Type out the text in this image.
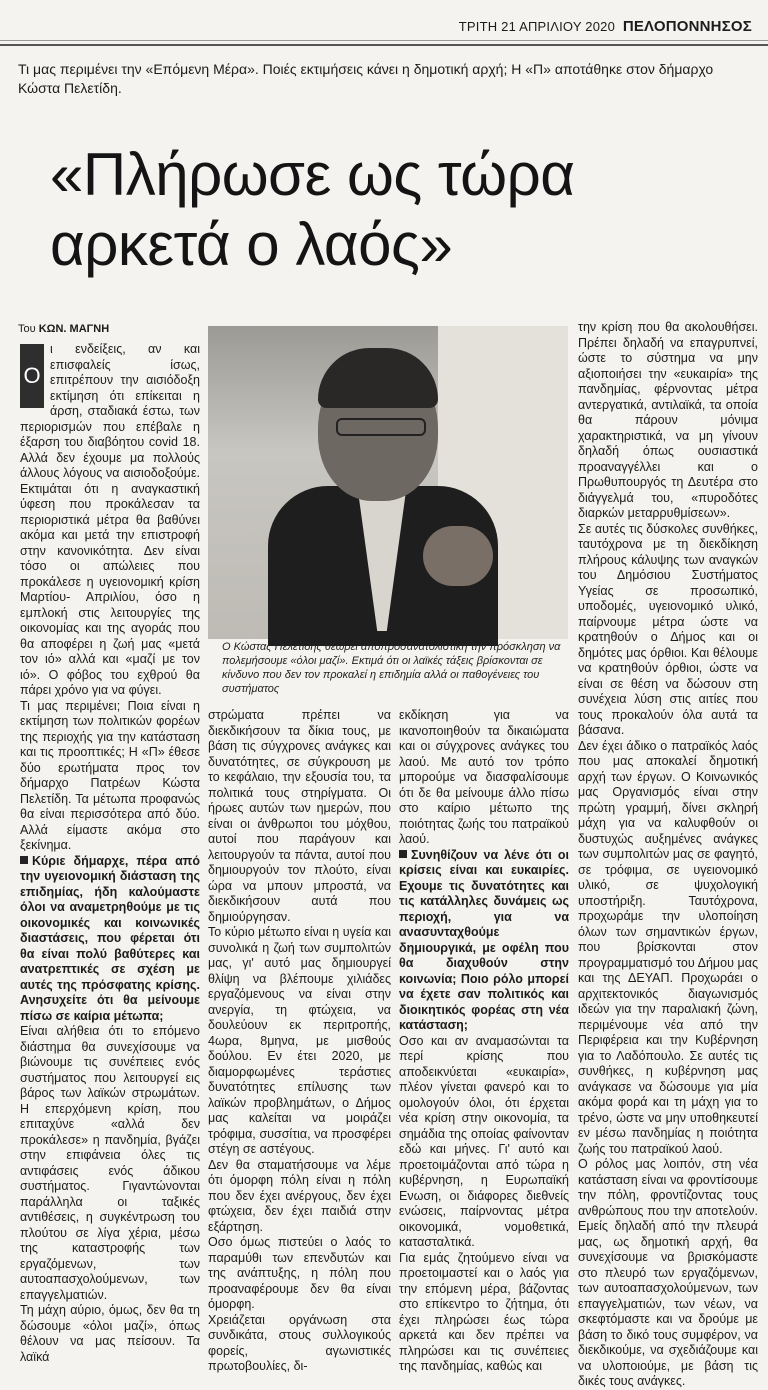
ΤΡΙΤΗ 21 ΑΠΡΙΛΙΟΥ 2020 ΠΕΛΟΠΟΝΝΗΣΟΣ
Τι μας περιμένει την «Επόμενη Μέρα». Ποιές εκτιμήσεις κάνει η δημοτική αρχή; Η «Π» αποτάθηκε στον δήμαρχο Κώστα Πελετίδη.
«Πλήρωσε ως τώρα αρκετά ο λαός»
Του ΚΩΝ. ΜΑΓΝΗ
Ο

ι ενδείξεις, αν και επισφαλείς ίσως, επιτρέπουν την αισιόδοξη εκτίμηση ότι επίκειται η άρση, σταδιακά έστω, των περιορισμών που επέβαλε η έξαρση του διαβόητου covid 18. Αλλά δεν έχουμε μα πολλούς άλλους λόγους να αισιοδοξούμε. Εκτιμάται ότι η αναγκαστική ύφεση που προκάλεσαν τα περιοριστικά μέτρα θα βαθύνει ακόμα και μετά την επιστροφή στην κανονικότητα. Δεν είναι τόσο οι απώλειες που προκάλεσε η υγειονομική κρίση Μαρτίου- Απριλίου, όσο η εμπλοκή στις λειτουργίες της οικονομίας και της αγοράς που θα αποφέρει η ζωή μας «μετά τον ιό» αλλά και «μαζί με τον ιό». Ο φόβος του εχθρού θα πάρει χρόνο για να φύγει.

Τι μας περιμένει; Ποια είναι η εκτίμηση των πολιτικών φορέων της περιοχής για την κατάσταση και τις προοπτικές; Η «Π» έθεσε δύο ερωτήματα προς τον δήμαρχο Πατρέων Κώστα Πελετίδη. Τα μέτωπα προφανώς θα είναι περισσότερα από δύο. Αλλά είμαστε ακόμα στο ξεκίνημα.

Κύριε δήμαρχε, πέρα από την υγειονομική διάσταση της επιδημίας, ήδη καλούμαστε όλοι να αναμετρηθούμε με τις οικονομικές και κοινωνικές διαστάσεις, που φέρεται ότι θα είναι πολύ βαθύτερες και ανατρεπτικές σε σχέση με αυτές της πρόσφατης κρίσης. Ανησυχείτε ότι θα μείνουμε πίσω σε καίρια μέτωπα;

Είναι αλήθεια ότι το επόμενο διάστημα θα συνεχίσουμε να βιώνουμε τις συνέπειες ενός συστήματος που λειτουργεί εις βάρος των λαϊκών στρωμάτων. Η επερχόμενη κρίση, που επιταχύνε «αλλά δεν προκάλεσε» η πανδημία, βγάζει στην επιφάνεια όλες τις αντιφάσεις ενός άδικου συστήματος. Γιγαντώνονται παράλληλα οι ταξικές αντιθέσεις, η συγκέντρωση του πλούτου σε λίγα χέρια, μέσω της καταστροφής των εργαζόμενων, των αυτοαπασχολούμενων, των επαγγελματιών.

Τη μάχη αύριο, όμως, δεν θα τη δώσουμε «όλοι μαζί», όπως θέλουν να μας πείσουν. Τα λαϊκά

Ο Κώστας Πελετίδης θεωρεί αποπροσανατολιστική την πρόσκληση να πολεμήσουμε «όλοι μαζί». Εκτιμά ότι οι λαϊκές τάξεις βρίσκονται σε κίνδυνο που δεν τον προκαλεί η επιδημία αλλά οι παθογένειες του συστήματος

στρώματα πρέπει να διεκδικήσουν τα δίκια τους, με βάση τις σύγχρονες ανάγκες και δυνατότητες, σε σύγκρουση με το κεφάλαιο, την εξουσία του, τα πολιτικά τους στηρίγματα. Οι ήρωες αυτών των ημερών, που είναι οι άνθρωποι του μόχθου, αυτοί που παράγουν και λειτουργούν τα πάντα, αυτοί που δημιουργούν τον πλούτο, είναι ώρα να μπουν μπροστά, να διεκδικήσουν αυτά που δημιούργησαν.

Το κύριο μέτωπο είναι η υγεία και συνολικά η ζωή των συμπολιτών μας, γι' αυτό μας δημιουργεί θλίψη να βλέπουμε χιλιάδες εργαζόμενους να είναι στην ανεργία, τη φτώχεια, να δουλεύουν εκ περιτροπής, 4ωρα, 8μηνα, με μισθούς δούλου. Εν έτει 2020, με διαμορφωμένες τεράστιες δυνατότητες επίλυσης των λαϊκών προβλημάτων, ο Δήμος μας καλείται να μοιράζει τρόφιμα, συσσίτια, να προσφέρει στέγη σε αστέγους.

Δεν θα σταματήσουμε να λέμε ότι όμορφη πόλη είναι η πόλη που δεν έχει ανέργους, δεν έχει φτώχεια, δεν έχει παιδιά στην εξάρτηση.

Οσο όμως πιστεύει ο λαός το παραμύθι των επενδυτών και της ανάπτυξης, η πόλη που προαναφέρουμε δεν θα είναι όμορφη.

Χρειάζεται οργάνωση στα συνδικάτα, στους συλλογικούς φορείς, αγωνιστικές πρωτοβουλίες, δι-

εκδίκηση για να ικανοποιηθούν τα δικαιώματα και οι σύγχρονες ανάγκες του λαού. Με αυτό τον τρόπο μπορούμε να διασφαλίσουμε ότι δε θα μείνουμε άλλο πίσω στο καίριο μέτωπο της ποιότητας ζωής του πατραϊκού λαού.

Συνηθίζουν να λένε ότι οι κρίσεις είναι και ευκαιρίες. Εχουμε τις δυνατότητες και τις κατάλληλες δυνάμεις ως περιοχή, για να ανασυνταχθούμε δημιουργικά, με οφέλη που θα διαχυθούν στην κοινωνία; Ποιο ρόλο μπορεί να έχετε σαν πολιτικός και διοικητικός φορέας στη νέα κατάσταση;

Οσο και αν αναμασώνται τα περί κρίσης που αποδεικνύεται «ευκαιρία», πλέον γίνεται φανερό και το ομολογούν όλοι, ότι έρχεται νέα κρίση στην οικονομία, τα σημάδια της οποίας φαίνονταν εδώ και μήνες. Γι' αυτό και προετοιμάζονται από τώρα η κυβέρνηση, η Ευρωπαϊκή Ενωση, οι διάφορες διεθνείς ενώσεις, παίρνοντας μέτρα οικονομικά, νομοθετικά, κατασταλτικά.

Για εμάς ζητούμενο είναι να προετοιμαστεί και ο λαός για την επόμενη μέρα, βάζοντας στο επίκεντρο το ζήτημα, ότι έχει πληρώσει έως τώρα αρκετά και δεν πρέπει να πληρώσει και τις συνέπειες της πανδημίας, καθώς και

την κρίση που θα ακολουθήσει. Πρέπει δηλαδή να επαγρυπνεί, ώστε το σύστημα να μην αξιοποιήσει την «ευκαιρία» της πανδημίας, φέρνοντας μέτρα αντεργατικά, αντιλαϊκά, τα οποία θα πάρουν μόνιμα χαρακτηριστικά, να μη γίνουν δηλαδή όπως ουσιαστικά προαναγγέλλει και ο Πρωθυπουργός τη Δευτέρα στο διάγγελμά του, «πυροδότες διαρκών μεταρρυθμίσεων».

Σε αυτές τις δύσκολες συνθήκες, ταυτόχρονα με τη διεκδίκηση πλήρους κάλυψης των αναγκών του Δημόσιου Συστήματος Υγείας σε προσωπικό, υποδομές, υγειονομικό υλικό, παίρνουμε μέτρα ώστε να κρατηθούν ο Δήμος και οι δημότες μας όρθιοι. Και θέλουμε να κρατηθούν όρθιοι, ώστε να είναι σε θέση να δώσουν στη συνέχεια λύση στις αιτίες που τους προκαλούν όλα αυτά τα βάσανα.

Δεν έχει άδικο ο πατραϊκός λαός που μας αποκαλεί δημοτική αρχή των έργων. Ο Κοινωνικός μας Οργανισμός είναι στην πρώτη γραμμή, δίνει σκληρή μάχη για να καλυφθούν οι δυστυχώς αυξημένες ανάγκες των συμπολιτών μας σε φαγητό, σε τρόφιμα, σε υγειονομικό υλικό, σε ψυχολογική υποστήριξη. Ταυτόχρονα, προχωράμε την υλοποίηση όλων των σημαντικών έργων, που βρίσκονται στον προγραμματισμό του Δήμου μας και της ΔΕΥΑΠ. Προχωράει ο αρχιτεκτονικός διαγωνισμός ιδεών για την παραλιακή ζώνη, περιμένουμε νέα από την Περιφέρεια και την Κυβέρνηση για το Λαδόπουλο. Σε αυτές τις συνθήκες, η κυβέρνηση μας ανάγκασε να δώσουμε για μία ακόμα φορά και τη μάχη για το τρένο, ώστε να μην υποθηκευτεί εν μέσω πανδημίας η ποιότητα ζωής του πατραϊκού λαού.

Ο ρόλος μας λοιπόν, στη νέα κατάσταση είναι να φροντίσουμε την πόλη, φροντίζοντας τους ανθρώπους που την αποτελούν. Εμείς δηλαδή από την πλευρά μας, ως δημοτική αρχή, θα συνεχίσουμε να βρισκόμαστε στο πλευρό των εργαζόμενων, των αυτοαπασχολούμενων, των επαγγελματιών, των νέων, να σκεφτόμαστε και να δρούμε με βάση το δικό τους συμφέρον, να διεκδικούμε, να σχεδιάζουμε και να υλοποιούμε, με βάση τις δικές τους ανάγκες.
